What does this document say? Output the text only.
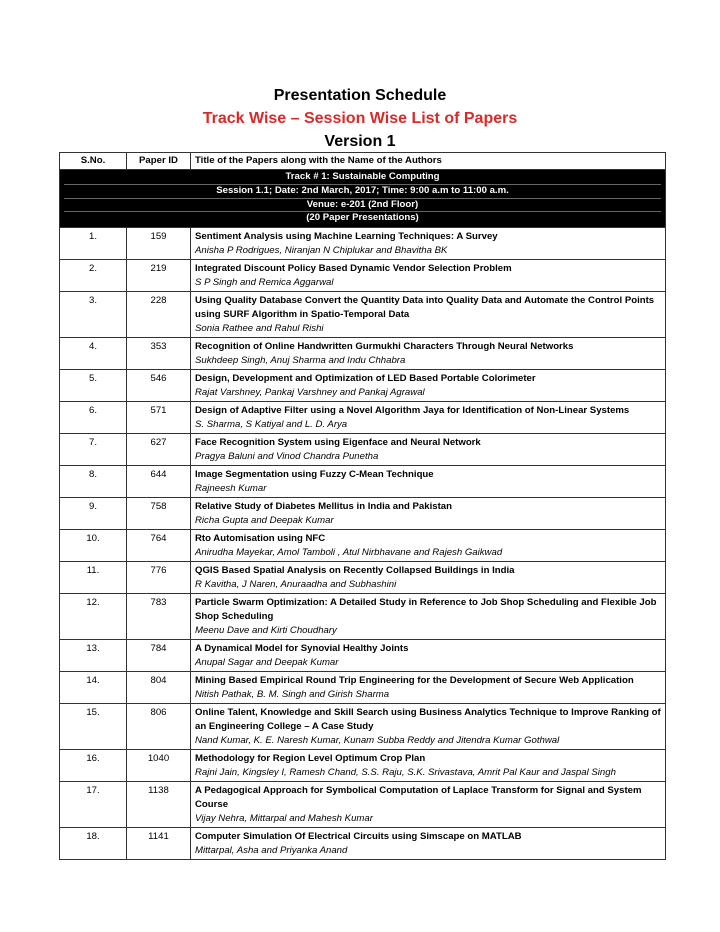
Presentation Schedule
Track Wise – Session Wise List of Papers
Version 1
S.No.	Paper ID	Title of the Papers along with the Name of the Authors

Track # 1: Sustainable Computing
Session 1.1; Date: 2nd March, 2017; Time: 9:00 a.m to 11:00 a.m.
Venue: e-201 (2nd Floor)
(20 Paper Presentations)		

1.	159	Sentiment Analysis using Machine Learning Techniques: A Survey
Anisha P Rodrigues, Niranjan N Chiplukar and Bhavitha BK

2.	219	Integrated Discount Policy Based Dynamic Vendor Selection Problem
S P Singh and Remica Aggarwal

3.	228	Using Quality Database Convert the Quantity Data into Quality Data and Automate the Control Points using SURF Algorithm in Spatio-Temporal Data
Sonia Rathee and Rahul Rishi

4.	353	Recognition of Online Handwritten Gurmukhi Characters Through Neural Networks
Sukhdeep Singh, Anuj Sharma and Indu Chhabra

5.	546	Design, Development and Optimization of LED Based Portable Colorimeter
Rajat Varshney, Pankaj Varshney and Pankaj Agrawal

6.	571	Design of Adaptive Filter using a Novel Algorithm Jaya for Identification of Non-Linear Systems
S. Sharma, S Katiyal and L. D. Arya

7.	627	Face Recognition System using Eigenface and Neural Network
Pragya Baluni and Vinod Chandra Punetha

8.	644	Image Segmentation using Fuzzy C-Mean Technique
Rajneesh Kumar

9.	758	Relative Study of Diabetes Mellitus in India and Pakistan
Richa Gupta and Deepak Kumar

10.	764	Rto Automisation using NFC
Anirudha Mayekar, Amol Tamboli , Atul Nirbhavane and Rajesh Gaikwad

11.	776	QGIS Based Spatial Analysis on Recently Collapsed Buildings in India
R Kavitha, J Naren, Anuraadha and Subhashini

12.	783	Particle Swarm Optimization: A Detailed Study in Reference to Job Shop Scheduling and Flexible Job Shop Scheduling
Meenu Dave and Kirti Choudhary

13.	784	A Dynamical Model for Synovial Healthy Joints
Anupal Sagar and Deepak Kumar

14.	804	Mining Based Empirical Round Trip Engineering for the Development of Secure Web Application
Nitish Pathak, B. M. Singh and Girish Sharma

15.	806	Online Talent, Knowledge and Skill Search using Business Analytics Technique to Improve Ranking of an Engineering College – A Case Study
Nand Kumar, K. E. Naresh Kumar, Kunam Subba Reddy and Jitendra Kumar Gothwal

16.	1040	Methodology for Region Level Optimum Crop Plan
Rajni Jain, Kingsley I, Ramesh Chand, S.S. Raju, S.K. Srivastava, Amrit Pal Kaur and Jaspal Singh

17.	1138	A Pedagogical Approach for Symbolical Computation of Laplace Transform for Signal and System Course
Vijay Nehra, Mittarpal and Mahesh Kumar

18.	1141	Computer Simulation Of Electrical Circuits using Simscape on MATLAB
Mittarpal, Asha and Priyanka Anand
